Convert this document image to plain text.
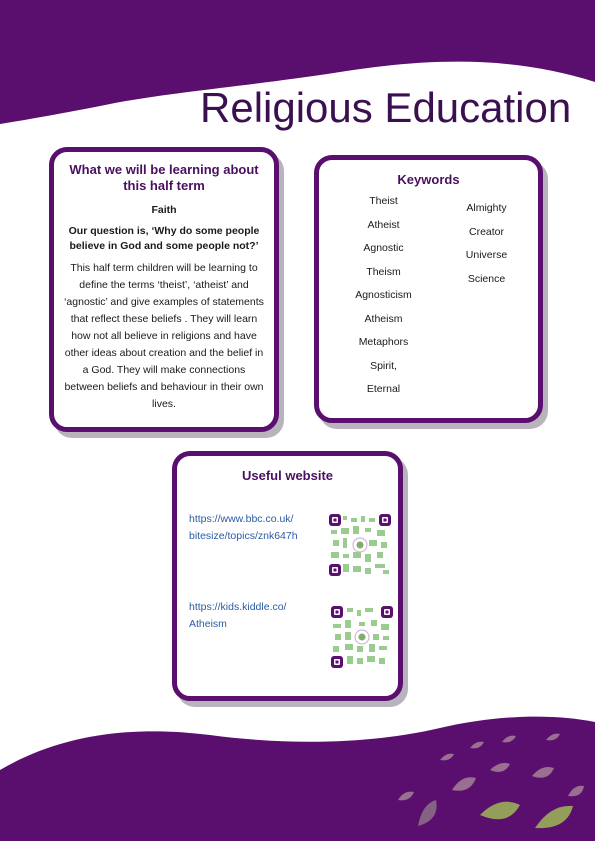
Religious Education
What we will be learning about this half term
Faith
Our question is, ‘Why do some people believe in God and some people not?’
This half term children will be learning to define the terms ‘theist’, ‘atheist’ and ‘agnostic’ and give examples of statements that reflect these beliefs . They will learn how not all believe in religions and have other ideas about creation and the belief in a God. They will make connections between beliefs and behaviour in their own lives.
Keywords
Theist
Atheist
Agnostic
Theism
Agnosticism
Atheism
Metaphors
Spirit,
Eternal
Almighty
Creator
Universe
Science
Useful website
https://www.bbc.co.uk/
bitesize/topics/znk647h
https://kids.kiddle.co/
Atheism
